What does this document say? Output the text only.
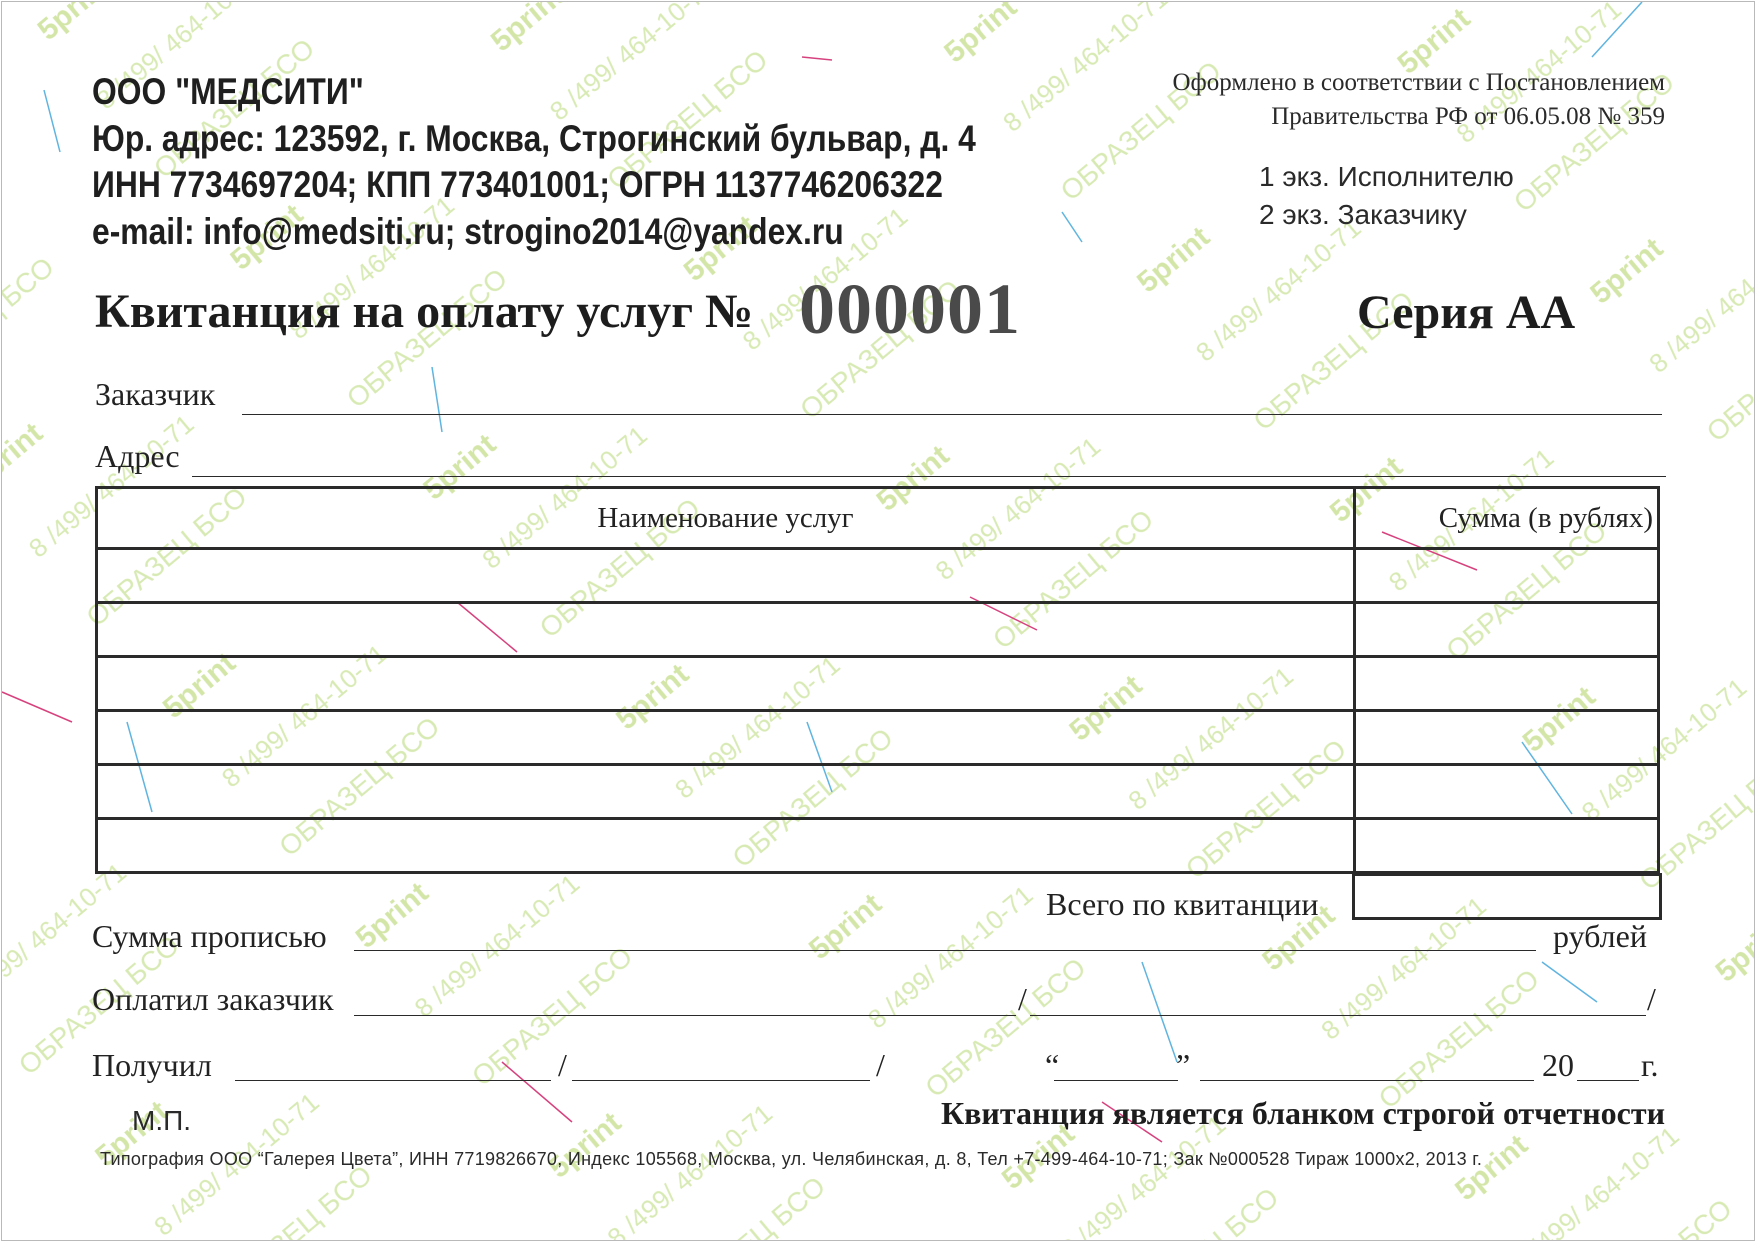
ООО "МЕДСИТИ"
Юр. адрес: 123592, г. Москва, Строгинский бульвар, д. 4
ИНН 7734697204; КПП 773401001; ОГРН 1137746206322
e-mail: info@medsiti.ru; strogino2014@yandex.ru
Оформлено в соответствии с Постановлением
Правительства РФ от 06.05.08 № 359
1 экз. Исполнителю
2 экз. Заказчику
Квитанция на оплату услуг № 000001	Серия АА
Заказчик
Адрес
Наименование услуг	Сумма (в рублях)

Всего по квитанции
Сумма прописью	рублей
Оплатил заказчик	/	/
Получил	/	/	“	”	20 г.
М.П.	Квитанция является бланком строгой отчетности
Типография ООО “Галерея Цвета”, ИНН 7719826670, Индекс 105568, Москва, ул. Челябинская, д. 8, Тел +7-499-464-10-71; Зак №000528 Тираж 1000х2, 2013 г.
